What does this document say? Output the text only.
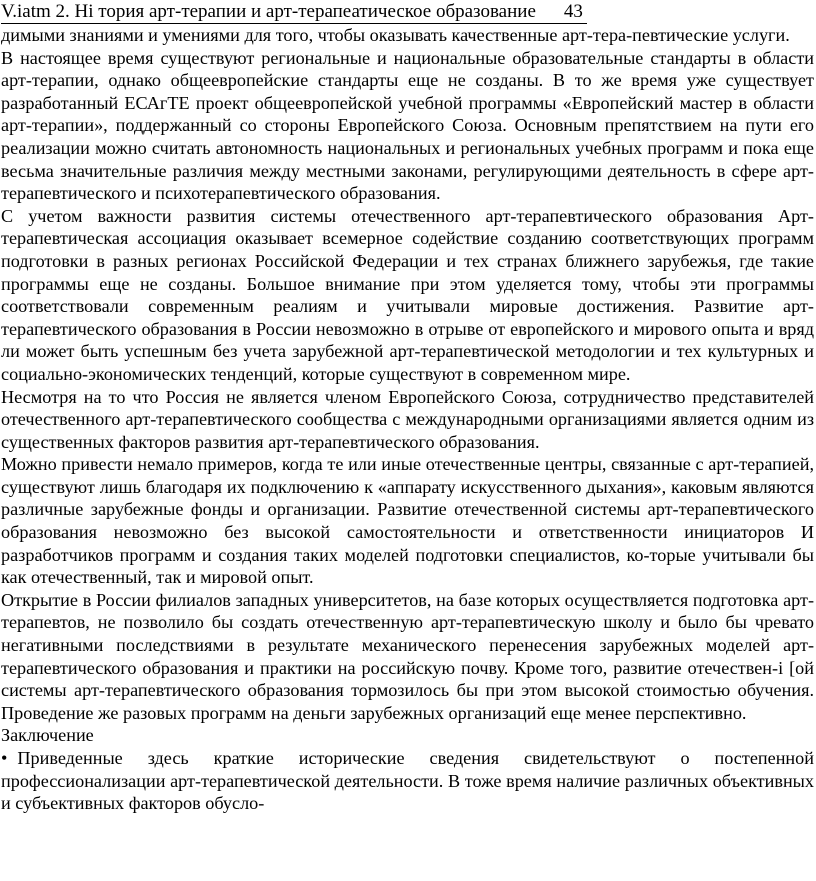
V.iatm 2. Hi тория арт-терапии и арт-терапеатическое образование 43

димыми знаниями и умениями для того, чтобы оказывать качественные арт-тера-певтические услуги.

В настоящее время существуют региональные и национальные образовательные стандарты в области арт-терапии, однако общеевропейские стандарты еще не созданы. В то же время уже существует разработанный ЕСАгТЕ проект общеевропейской учебной программы «Европейский мастер в области арт-терапии», поддержанный со стороны Европейского Союза. Основным препятствием на пути его реализации можно считать автономность национальных и региональных учебных программ и пока еще весьма значительные различия между местными законами, регулирующими деятельность в сфере арт-терапевтического и психотерапевтического образования.

С учетом важности развития системы отечественного арт-терапевтического образования Арт-терапевтическая ассоциация оказывает всемерное содействие созданию соответствующих программ подготовки в разных регионах Российской Федерации и тех странах ближнего зарубежья, где такие программы еще не созданы. Большое внимание при этом уделяется тому, чтобы эти программы соответствовали современным реалиям и учитывали мировые достижения. Развитие арт-терапевтического образования в России невозможно в отрыве от европейского и мирового опыта и вряд ли может быть успешным без учета зарубежной арт-терапевтической методологии и тех культурных и социально-экономических тенденций, которые существуют в современном мире.

Несмотря на то что Россия не является членом Европейского Союза, сотрудничество представителей отечественного арт-терапевтического сообщества с международными организациями является одним из существенных факторов развития арт-терапевтического образования.

Можно привести немало примеров, когда те или иные отечественные центры, связанные с арт-терапией, существуют лишь благодаря их подключению к «аппарату искусственного дыхания», каковым являются различные зарубежные фонды и организации. Развитие отечественной системы арт-терапевтического образования невозможно без высокой самостоятельности и ответственности инициаторов И разработчиков программ и создания таких моделей подготовки специалистов, ко-торые учитывали бы как отечественный, так и мировой опыт.

Открытие в России филиалов западных университетов, на базе которых осуществляется подготовка арт-терапевтов, не позволило бы создать отечественную арт-терапевтическую школу и было бы чревато негативными последствиями в результате механического перенесения зарубежных моделей арт-терапевтического образования и практики на российскую почву. Кроме того, развитие отечествен-i [ой системы арт-терапевтического образования тормозилось бы при этом высокой стоимостью обучения. Проведение же разовых программ на деньги зарубежных организаций еще менее перспективно.

Заключение

• Приведенные здесь краткие исторические сведения свидетельствуют о постепенной профессионализации арт-терапевтической деятельности. В тоже время наличие различных объективных и субъективных факторов обусло-
